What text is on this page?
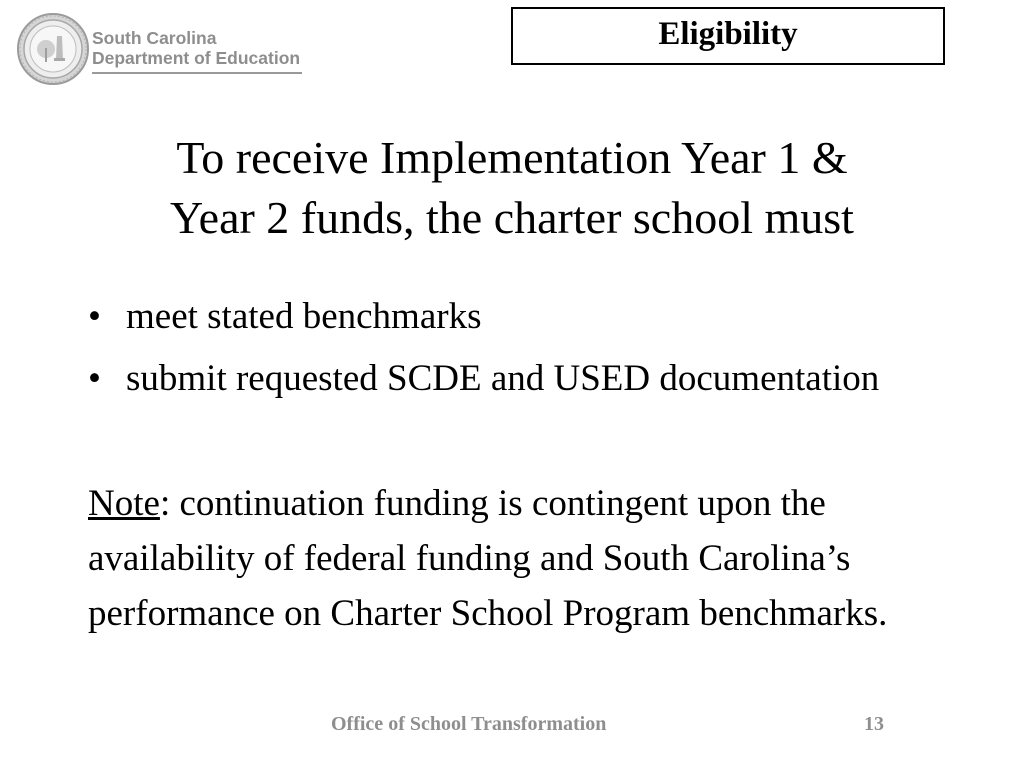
South Carolina
Department of Education
Eligibility
To receive Implementation Year 1 &
Year 2 funds, the charter school must
• meet stated benchmarks
• submit requested SCDE and USED documentation

Note: continuation funding is contingent upon the availability of federal funding and South Carolina’s performance on Charter School Program benchmarks.

Office of School Transformation	13
